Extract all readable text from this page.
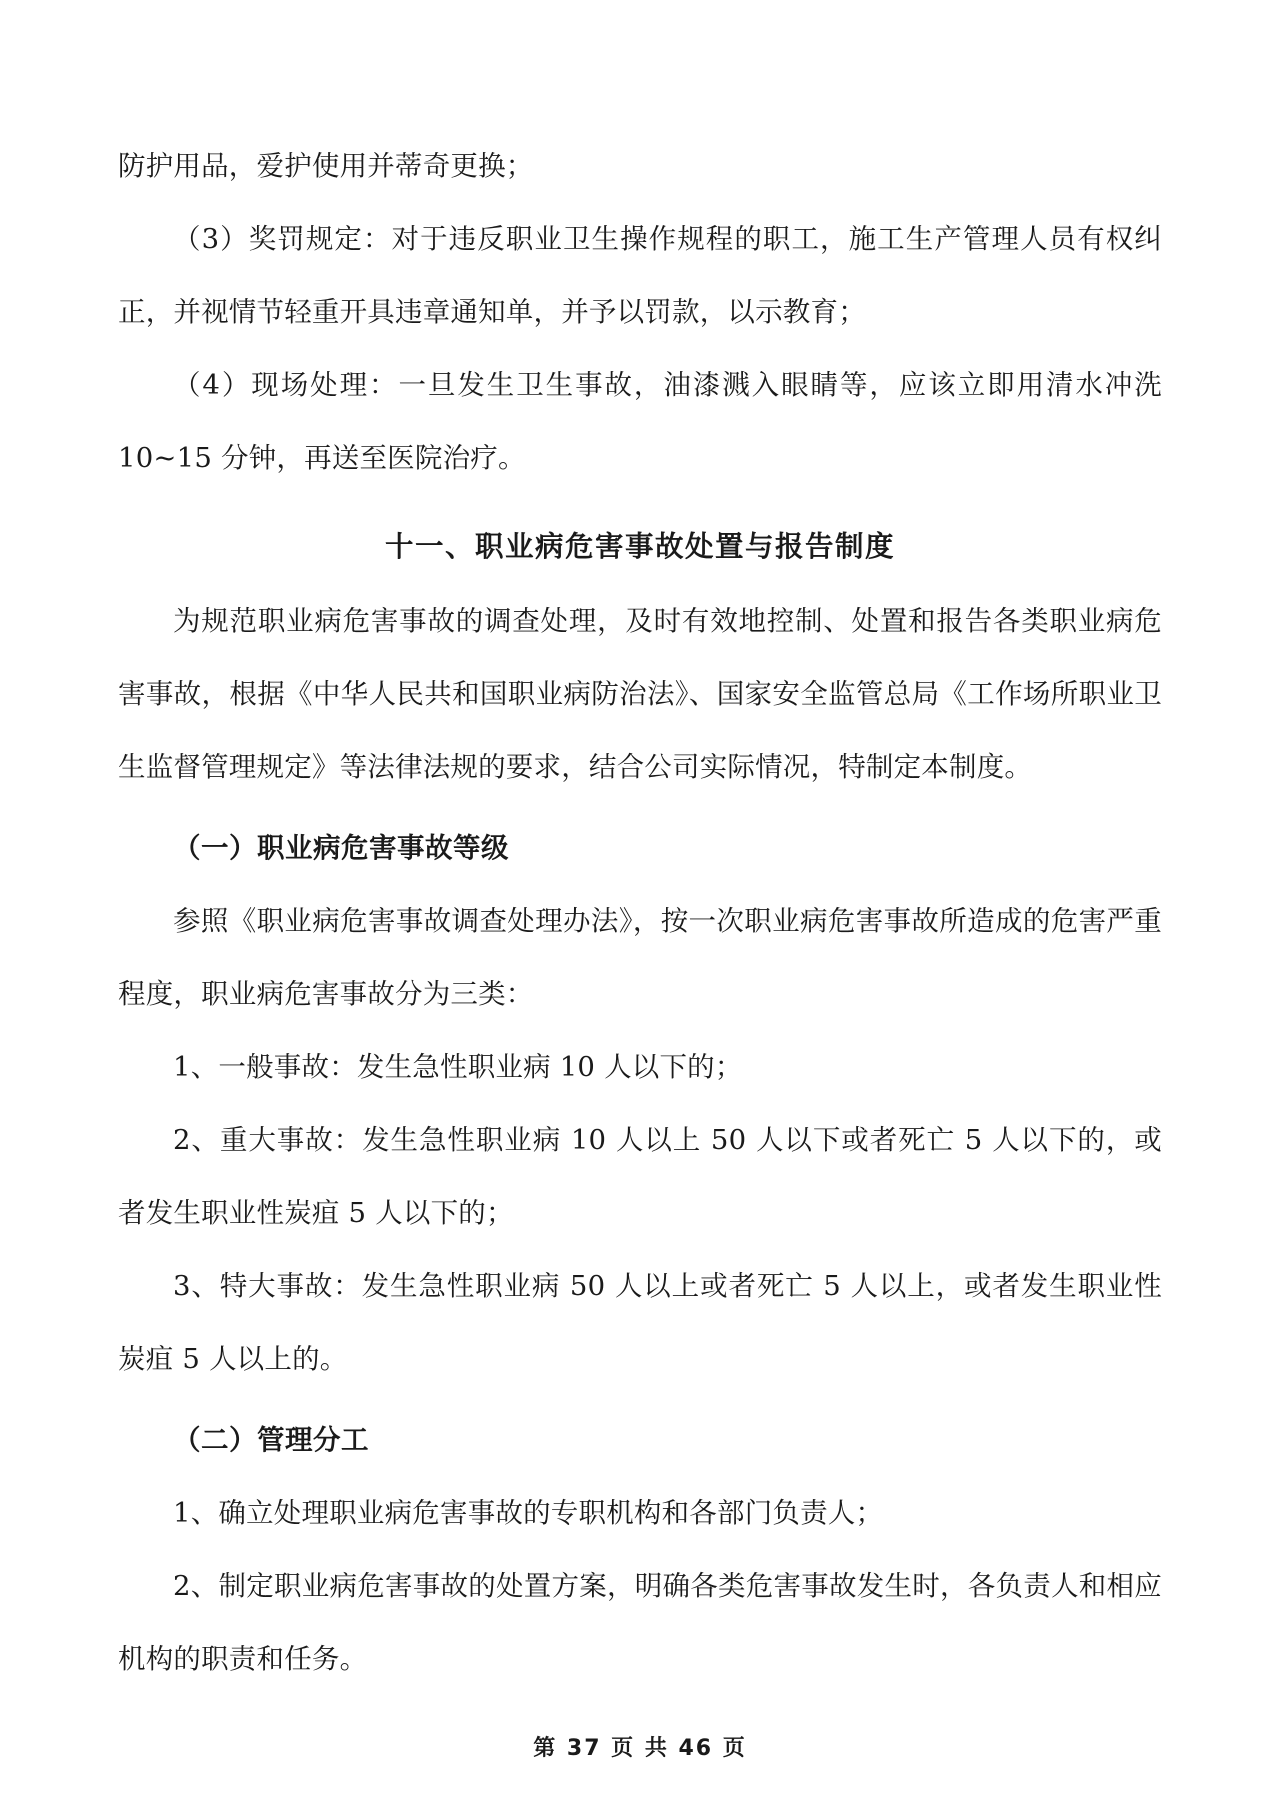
防护用品，爱护使用并蒂奇更换；

（3）奖罚规定：对于违反职业卫生操作规程的职工，施工生产管理人员有权纠正，并视情节轻重开具违章通知单，并予以罚款，以示教育；

（4）现场处理：一旦发生卫生事故，油漆溅入眼睛等，应该立即用清水冲洗 10~15 分钟，再送至医院治疗。

十一、职业病危害事故处置与报告制度

为规范职业病危害事故的调查处理，及时有效地控制、处置和报告各类职业病危害事故，根据《中华人民共和国职业病防治法》、国家安全监管总局《工作场所职业卫生监督管理规定》等法律法规的要求，结合公司实际情况，特制定本制度。

（一）职业病危害事故等级

参照《职业病危害事故调查处理办法》，按一次职业病危害事故所造成的危害严重程度，职业病危害事故分为三类：

1、一般事故：发生急性职业病 10 人以下的；

2、重大事故：发生急性职业病 10 人以上 50 人以下或者死亡 5 人以下的，或者发生职业性炭疽 5 人以下的；

3、特大事故：发生急性职业病 50 人以上或者死亡 5 人以上，或者发生职业性炭疽 5 人以上的。

（二）管理分工

1、确立处理职业病危害事故的专职机构和各部门负责人；

2、制定职业病危害事故的处置方案，明确各类危害事故发生时，各负责人和相应机构的职责和任务。

第 37 页 共 46 页
